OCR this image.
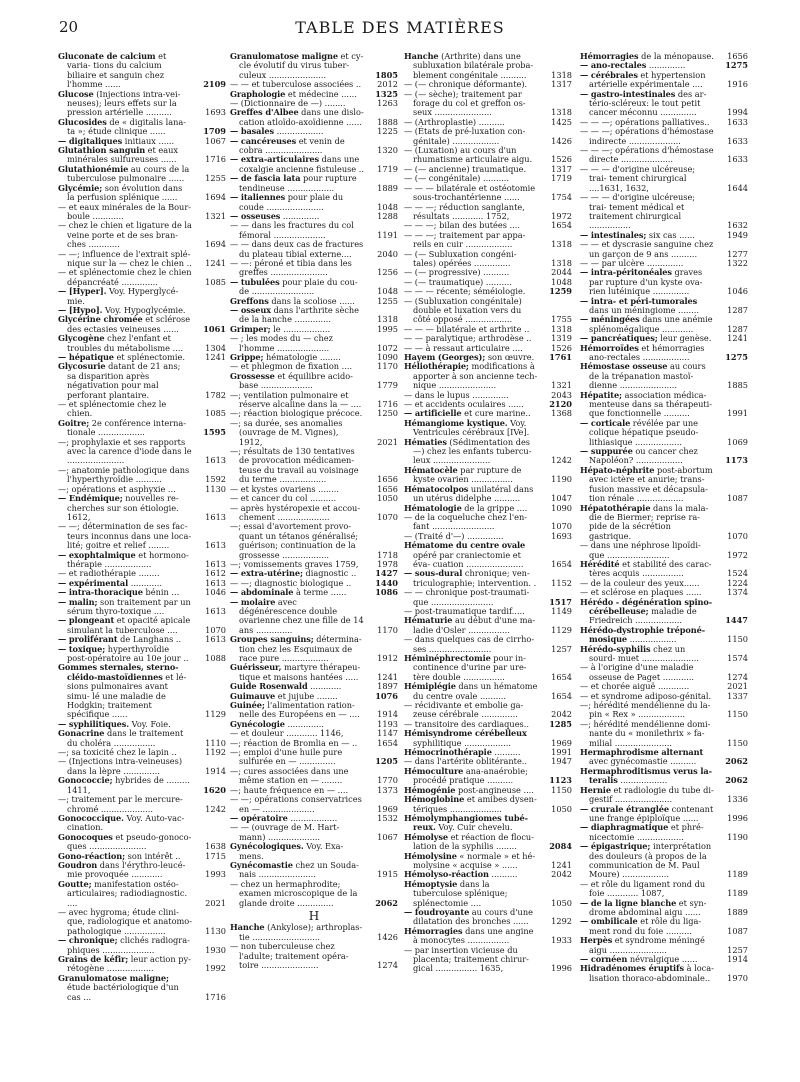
20	TABLE DES MATIÈRES
Gluconate de calcium et varia- tions du calcium biliaire et sanguin chez l'homme ......	2109
Glucose (Injections intra-vei- neuses); leurs effets sur la pression artérielle ..........	1693
Glucosides de « digitalis lana- ta »; étude clinique ......	1709
— digitaliques initiaux ......	1067
Glutathion sanguin et eaux minérales sulfureuses ......	1716
Glutathionémie au cours de la tuberculose pulmonaire ......	1255
Glycémie; son évolution dans la perfusion splénique ......	1694
— et eaux minérales de la Bour- boule ............	1321
— chez le chien et ligature de la veine porte et de ses bran- ches ............	1694
— —; influence de l'extrait splé- nique sur la — chez le chien .. 1241
— et splénectomie chez le chien dépancréaté ..............	1085
— [Hyper]. Voy. Hyperglycé- mie.
— [Hypo]. Voy. Hypoglycémie.
Glycérine chromée et sclérose des ectasies veineuses ......	1061
Glycogène chez l'enfant et troubles du métabolisme ....	1304
— hépatique et splénectomie. 1241
Glycosurie datant de 21 ans; sa disparition après négativation pour mal perforant plantaire.	1782
— et splénectomie chez le chien.	1085
Goitre; 2e conférence interna- tionale ..................	1595
—; prophylaxie et ses rapports avec la carence d'iode dans le ......................	1613
—; anatomie pathologique dans l'hyperthyroïdie ..........	1592
—; opérations et asphyxie ...	1130
— Endémique; nouvelles re- cherches sur son étiologie. 1612,	1613
— —; détermination de ses fac- teurs inconnus dans une loca- lité; goitre et relief ........	1613
— exophtalmique et hormono- thérapie ..................	1613
— et radiothérapie ........	1612
— expérimental ............	1613
— intra-thoracique bénin ...	1046
— malin; son traitement par un sérum thyro-toxique ....	1613
— plongeant et opacité apicale simulant la tuberculose ....	1070
— proliférant de Langhans ..	1613
— toxique; hyperthyroïdie post-opératoire au 10e jour .. 1088
Gommes sternales, sterno- cléido-mastoïdiennes et lé- sions pulmonaires avant simu- lé une maladie de Hodgkin; traitement spécifique ......	1129
— syphilitiques. Voy. Foie.
Gonacrine dans le traitement du choléra ................	1110
—; sa toxicité chez le lapin ..	1192
— (Injections intra-veineuses) dans la lèpre ..............	1914
Gonococcie; hybrides de ......... 1411,	1620
—; traitement par le mercure- chromé ....................	1242
Gonococcique. Voy. Auto-vac- cination.
Gonocoques et pseudo-gonoco- ques ......................	1638
Gono-réaction; son intérêt ..	1715
Goudron dans l'érythro-leucé- mie provoquée ............	1993
Goutte; manifestation ostéo- articulaires; radiodiagnostic. ....	2021
— avec hygroma; étude clini- que, radiologique et anatomo- pathologique ................	1130
— chronique; clichés radiogra- phiques ....................	1930
Grains de kéfir; leur action py- rétogène ..................	1992
Granulomatose maligne; étude bactériologique d'un cas ...	1716
Granulomatose maligne et cy- cle évolutif du virus tuber- culeux ......................	1805
— — et tuberculose associées .. 2012
Graphologie et médecine ...... 1325
— (Dictionnaire de —) ........	1263
Greffes d'Albee dans une dislo- cation atloïdo-axoïdienne ...... 1888
— basales ..................	1225
— cancéreuses et venin de cobra ......................	1320
— extra-articulaires dans une coxalgie ancienne fistuleuse .. 1719
— de fascia lata pour rupture tendineuse ..................	1889
— italiennes pour plaie du coude ......................	1048
— osseuses ..............	1288
— — dans les fractures du col fémoral ....................	1191
— — dans deux cas de fractures du plateau tibial externe....	2040
— —: péroné et tibia dans les greffes ......................	1256
— tubulées pour plaie du cou- de ........................	1048
Greffons dans la scoliose ......	1255
— osseux dans l'arthrite sèche de la hanche ..............	1318
Grimper; le ..................	1995
— ; les modes du — chez l'homme ....................	1072
Grippe; hématologie ........	1090
— et phlegmon de fixation ....	1170
Grossesse et équilibre acido- base ....................	1779
—; ventilation pulmonaire et réserve alcaline dans la — .... 1716
—; réaction biologique précoce. 1250
—; sa durée, ses anomalies (ouvrage de M. Vignes), 1912,	2021
—; résultats de 130 tentatives de provocation médicamen- teuse du travail au voisinage du terme ..................	1656
— et kystes ovariens ........	1656
— et cancer du col ..........	1050
— après hystéropexie et accou- chement ....................	1070
—; essai d'avortement provo- quant un tétanos généralisé; guérison; continuation de la grossesse ..................	1718
—; vomissements graves 1759, 1978
— extra-utérine; diagnostic .. 1427
— —; diagnostic biologique ..	1440
— abdominale à terme ......	1086
— molaire avec dégénérescence double ovarienne chez une fille de 14 ans ..............	1170
Groupes sanguins; détermina- tion chez les Esquimaux de race pure ..................	1912
Guérisseur, martyre thérapeu- tique et maisons hantées ..... 1241
Guide Rosenwald ............	1897
Guimauve et jujube ........	1076
Guinée; l'alimentation ration- nelle des Européens en — .... 1914
Gynécologie ..............	1193
— et douleur ............ 1146,	1147
—; réaction de Bromlia en — .. 1654
—; emploi d'une huile pure sulfurée en — ..............	1205
—; cures associées dans une même station en — ........	1770
—; haute fréquence en — ....	1373
— —; opérations conservatrices en — ....................	1969
— opératoire ..................	1532
— — (ouvrage de M. Hart- mann) ....................	1067
Gynécologiques. Voy. Exa- mens.
Gynécomastie chez un Souda- nais ......................	1915
— chez un hermaphrodite; examen microscopique de la glande droite ..............	2062
H
Hanche (Ankylose); arthroplas- tie ..........................	1426
— non tuberculeuse chez l'adulte; traitement opéra- toire ......................	1274
Hanche (Arthrite) dans une subluxation bilatérale proba- blement congénitale ..........	1318
— (— chronique déformante).	1317
— (— sèche); traitement par forage du col et greffon os- seux ......................	1318
— (Arthroplastie) ..........	1425
— (États de pré-luxation con- génitale) ..................	1426
— (Luxation) au cours d'un rhumatisme articulaire aigu. 1526
— (— ancienne) traumatique.	1317
— (— congénitale) ..........	1719
— — — bilatérale et ostéotomie sous-trochantérienne ......	1754
— — —; réduction sanglante, résultats ............ 1752,	1972
— — —; bilan des butées ....	1654
— — —; traitement par appa- reils en cuir ..................	1318
— (— Subluxation congéni- tales) opérées ..............	1318
— (— progressive) ..........	2044
— (— traumatique) ..........	1048
— — — récente; séméiologie.	1259
— (Subluxation congénitale) double et luxation vers du côté opposé ..................	1755
— — — bilatérale et arthrite ..	1318
— — paralytique; arthrodèse .. 1319
— — à ressaut articulaire ....	1526
Hayem (Georges); son œuvre. 1761
Héliothérapie; modifications à apporter à son ancienne tech- nique ......................	1321
— dans le lupus ..............	2043
— et accidents oculaires ......	2120
— artificielle et cure marine..	1368
Hémangiome kystique. Voy. Ventricules cérébraux [IVe].
Hématies (Sédimentation des —) chez les enfants tubercu- leux ......................	1242
Hématocèle par rupture de kyste ovarien ................	1190
Hématocolpos unilatéral dans un utérus didelphe ..........	1047
Hématologie de la grippe ....	1090
— de la coqueluche chez l'en- fant ........................	1070
— (Traité d'—) ..............	1693
Hématome du centre ovale opéré par craniectomie et éva- cuation ......................	1654
— sous-dural chronique; ven- triculographie; intervention. . 1152
— — chronique post-traumati- que ........................	1517
— post-traumatique tardif.....	1149
Hématurie au début d'une ma- ladie d'Osler ................	1129
— dans quelques cas de cirrho- ses ........................	1257
Héminéphrectomie pour in- continence d'urine par ure- tère double ................	1654
Hémiplégie dans un hématome du centre ovale ..........	1654
— récidivante et embolie ga- zeuse cérébrale ..............	2042
— transitoire des cardiaques.. 1285
Hémisyndrome cérébelleux syphilitique ..................	1969
Hémocrinothérapie ..........	1991
— dans l'artérite oblitérante..	1947
Hémoculture ana-anaérobie; procédé pratique ..........	1123
Hémogénie post-angineuse .... 1150
Hémoglobine et amibes dysen- tériques ....................	1050
Hémolymphangiomes tubé- reux. Voy. Cuir chevelu.
Hémolyse et réaction de flocu- lation de la syphilis ........	2084
Hémolysine « normale » et hé- molysine « acquise » ......	1241
Hémolyso-réaction ..........	2042
Hémoptysie dans la tuberculose splénique; splénectomie ....	1050
— foudroyante au cours d'une dilatation des bronches ......	1292
Hémorragies dans une angine à monocytes ................	1933
— par insertion vicieuse du placenta; traitement chirur- gical ................ 1635,	1996
Hémorragies de la ménopause. 1656
— ano-rectales ..............	1275
— cérébrales et hypertension artérielle expérimentale ....	1916
— gastro-intestinales des ar- tério-scléreux: le tout petit cancer méconnu ..............	1994
— — —; opérations palliatives.. 1633
— — —; opérations d'hémostase indirecte ....................	1633
— — —; opérations d'hémostase directe ....................	1633
— — — d'origine ulcéreuse; trai- tement chirurgical ....1631, 1632,	1644
— — — d'origine ulcéreuse; trai- tement médical et traitement chirurgical ................	1632
— intestinales; six cas ......	1949
— — et dyscrasie sanguine chez un garçon de 9 ans ..........	1277
— — par ulcère ..............	1322
— intra-péritonéales graves par rupture d'un kyste ova- rien lutéinique ..............	1046
— intra- et péri-tumorales dans un méningiome ........	1287
— méningées dans une anémie splénomégalique ............	1287
— pancréatiques; leur genèse. 1241
Hémorroïdes et hémorragies ano-rectales ..................	1275
Hémostase osseuse au cours de la trépanation mastoï- dienne ......................	1885
Hépatite; association médica- menteuse dans sa thérapeuti- que fonctionnelle ..........	1991
— corticale révélée par une colique hépatique pseudo- lithiasique ..................	1069
— suppurée ou cancer chez Napoléon? ..................	1173
Hépato-néphrite post-abortum avec ictère et anurie; trans- fusion massive et décapsula- tion rénale ..................	1087
Hépatothérapie dans la mala- die de Biermer; reprise ra- pide de la sécrétion gastrique.	1070
— dans une néphrose lipoïdi- que ........................	1972
Hérédité et stabilité des carac- tères acquis ................	1524
— de la couleur des yeux......	1224
— et sclérose en plaques ......	1374
Hérédo - dégénération spino- cérébelleuse; maladie de Friedreich ..................	1447
Hérédo-dystrophie tréponé- mosique ..................	1150
Hérédo-syphilis chez un sourd- muet ......................	1574
— à l'origine d'une maladie osseuse de Paget ............	1274
— et chorée aiguë ............	2021
— et syndrome adiposo-génital. 1337
—; hérédité mendélienne du la- pin « Rex » ..................	1150
—; hérédité mendélienne domi- nante du « monilethrix » fa- milial ......................	1150
Hermaphrodisme alternant avec gynécomastie ..........	2062
Hermaphroditismus verus la- teralis ..................	2062
Hernie et radiologie du tube di- gestif ......................	1336
— crurale étranglée contenant une frange épiploïque ......	1996
— diaphragmatique et phré- nicectomie ..................	1190
— épigastrique; interprétation des douleurs (à propos de la communication de M. Paul Moure) ..................	1189
— et rôle du ligament rond du foie ............ 1087,	1189
— de la ligne blanche et syn- drome abdominal aigu ......	1889
— ombilicale et rôle du liga- ment rond du foie ..........	1087
Herpès et syndrome méningé aigu ......................	1257
— cornéen névralgique ......	1914
Hidradénomes éruptifs à loca- lisation thoraco-abdominale.. 1970
